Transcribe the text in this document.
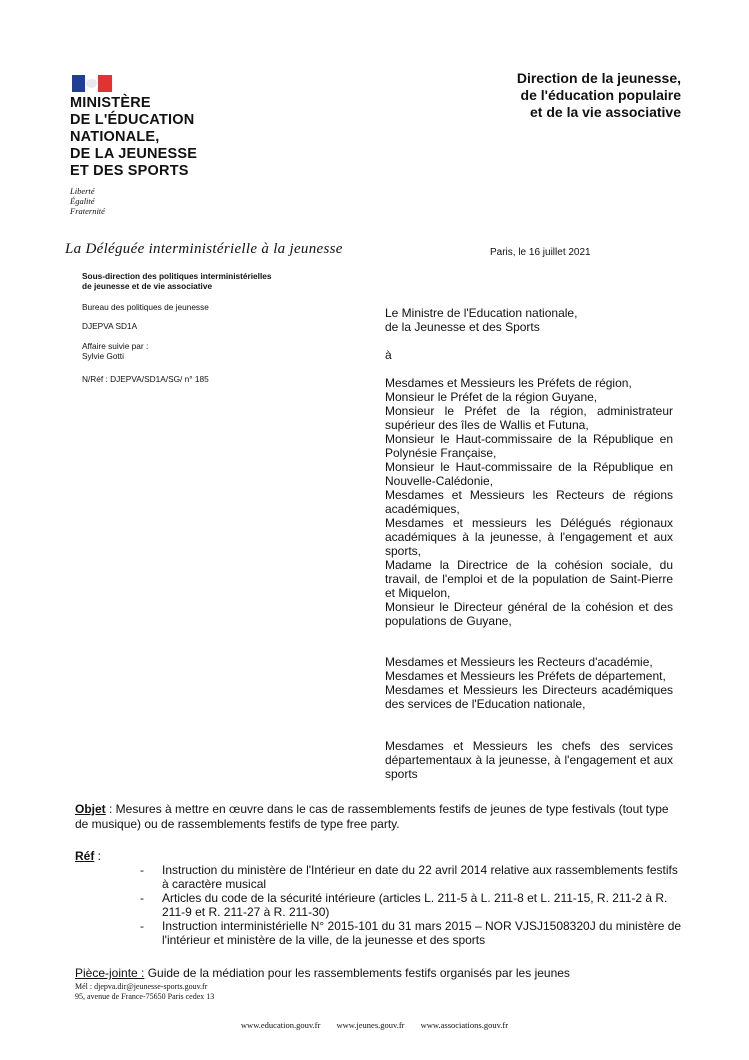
MINISTÈRE
DE L'ÉDUCATION
NATIONALE,
DE LA JEUNESSE
ET DES SPORTS
Liberté
Égalité
Fraternité
Direction de la jeunesse,
de l'éducation populaire
et de la vie associative
La Déléguée interministérielle à la jeunesse	Paris, le 16 juillet 2021
Sous-direction des politiques interministérielles
de jeunesse et de vie associative
Bureau des politiques de jeunesse
DJEPVA SD1A
Affaire suivie par :
Sylvie Gotti
N/Réf : DJEPVA/SD1A/SG/ n° 185
Le Ministre de l'Education nationale,
de la Jeunesse et des Sports
à
Mesdames et Messieurs les Préfets de région,
Monsieur le Préfet de la région Guyane,
Monsieur le Préfet de la région, administrateur supérieur des îles de Wallis et Futuna,
Monsieur le Haut-commissaire de la République en Polynésie Française,
Monsieur le Haut-commissaire de la République en Nouvelle-Calédonie,
Mesdames et Messieurs les Recteurs de régions académiques,
Mesdames et messieurs les Délégués régionaux académiques à la jeunesse, à l'engagement et aux sports,
Madame la Directrice de la cohésion sociale, du travail, de l'emploi et de la population de Saint-Pierre et Miquelon,
Monsieur le Directeur général de la cohésion et des populations de Guyane,
Mesdames et Messieurs les Recteurs d'académie,
Mesdames et Messieurs les Préfets de département,
Mesdames et Messieurs les Directeurs académiques des services de l'Education nationale,
Mesdames et Messieurs les chefs des services départementaux à la jeunesse, à l'engagement et aux sports
Objet : Mesures à mettre en œuvre dans le cas de rassemblements festifs de jeunes de type festivals (tout type de musique) ou de rassemblements festifs de type free party.
Réf :
-	Instruction du ministère de l'Intérieur en date du 22 avril 2014 relative aux rassemblements festifs à caractère musical
-	Articles du code de la sécurité intérieure (articles L. 211-5 à L. 211-8 et L. 211-15, R. 211-2 à R. 211-9 et R. 211-27 à R. 211-30)
-	Instruction interministérielle N° 2015-101 du 31 mars 2015 – NOR VJSJ1508320J du ministère de l'intérieur et ministère de la ville, de la jeunesse et des sports
Pièce-jointe : Guide de la médiation pour les rassemblements festifs organisés par les jeunes
Mél : djepva.dir@jeunesse-sports.gouv.fr
95, avenue de France-75650 Paris cedex 13
www.education.gouv.fr www.jeunes.gouv.fr www.associations.gouv.fr
